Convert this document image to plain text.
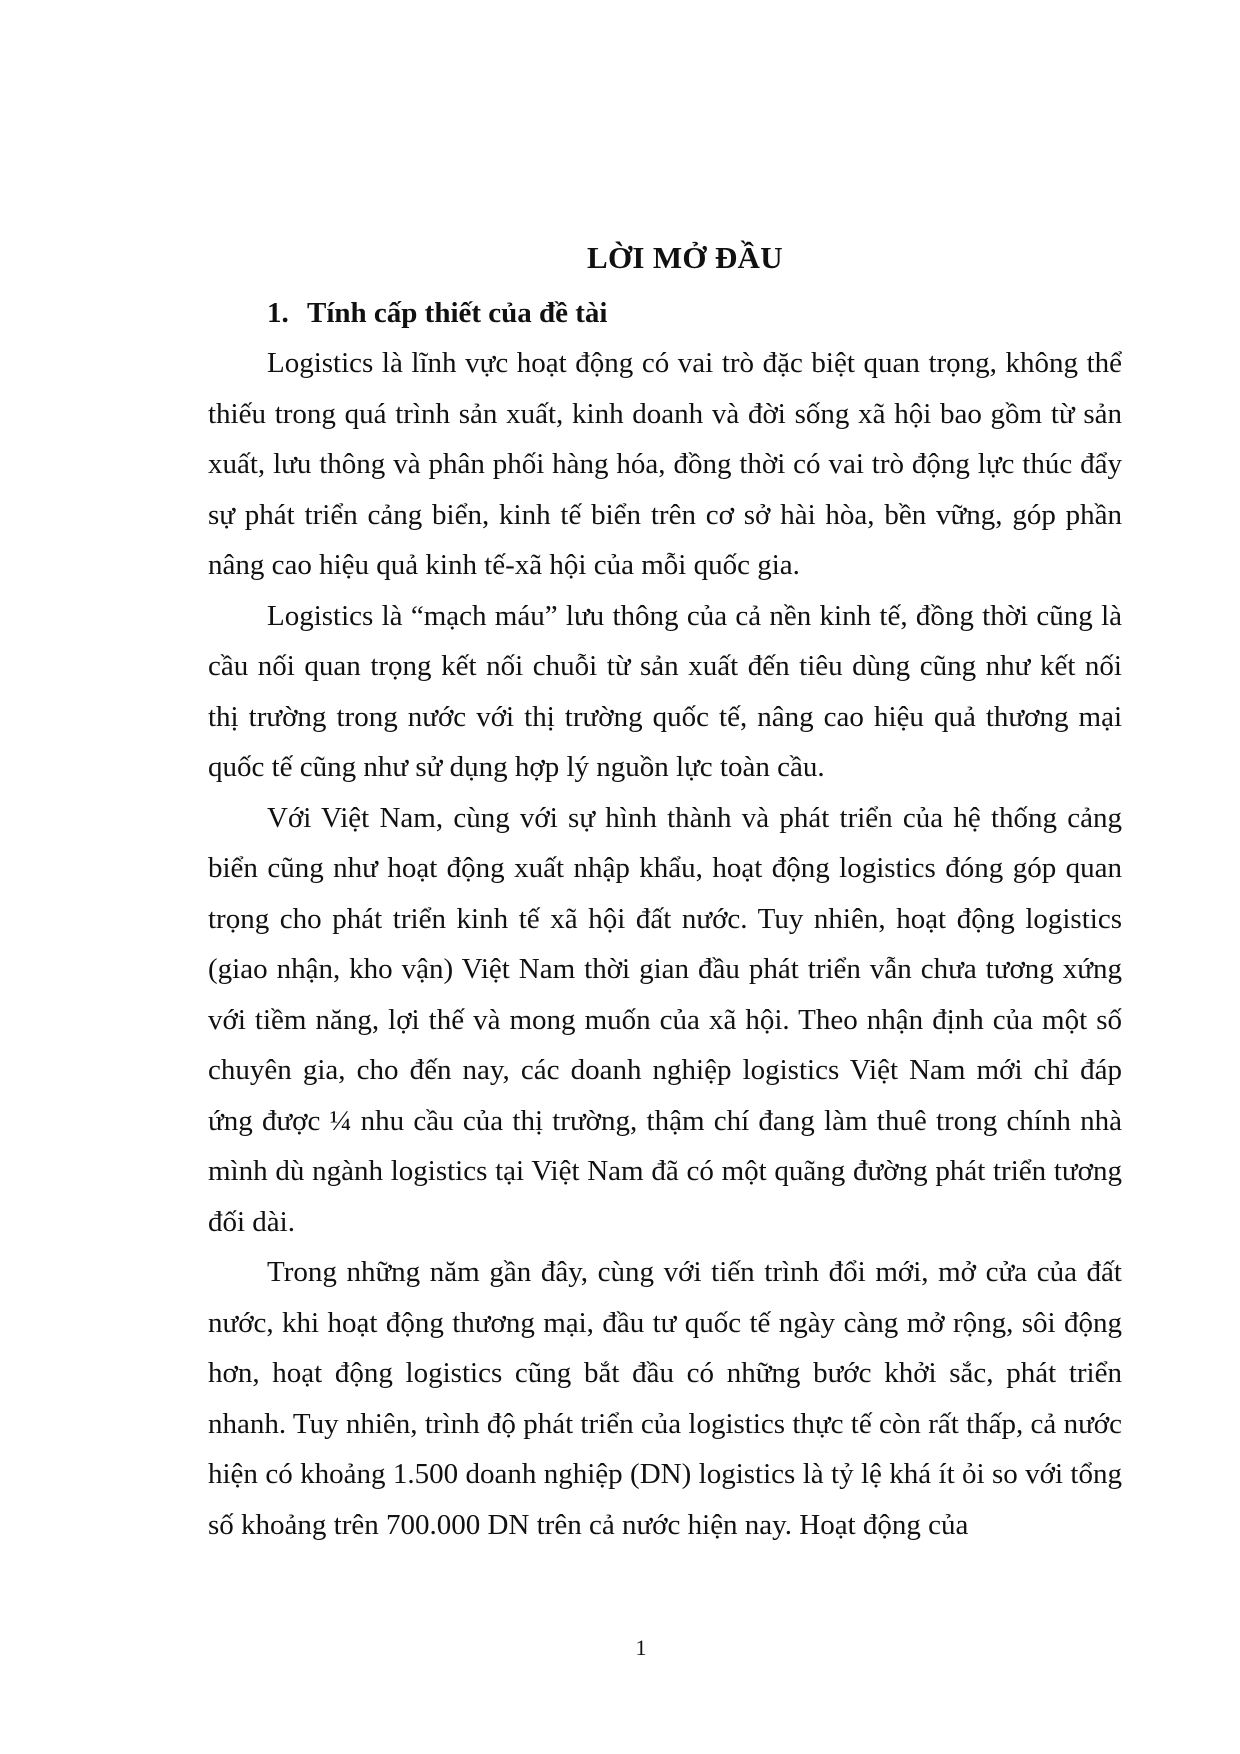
LỜI MỞ ĐẦU
1. Tính cấp thiết của đề tài

Logistics là lĩnh vực hoạt động có vai trò đặc biệt quan trọng, không thể thiếu trong quá trình sản xuất, kinh doanh và đời sống xã hội bao gồm từ sản xuất, lưu thông và phân phối hàng hóa, đồng thời có vai trò động lực thúc đẩy sự phát triển cảng biển, kinh tế biển trên cơ sở hài hòa, bền vững, góp phần nâng cao hiệu quả kinh tế-xã hội của mỗi quốc gia.

Logistics là “mạch máu” lưu thông của cả nền kinh tế, đồng thời cũng là cầu nối quan trọng kết nối chuỗi từ sản xuất đến tiêu dùng cũng như kết nối thị trường trong nước với thị trường quốc tế, nâng cao hiệu quả thương mại quốc tế cũng như sử dụng hợp lý nguồn lực toàn cầu.

Với Việt Nam, cùng với sự hình thành và phát triển của hệ thống cảng biển cũng như hoạt động xuất nhập khẩu, hoạt động logistics đóng góp quan trọng cho phát triển kinh tế xã hội đất nước. Tuy nhiên, hoạt động logistics (giao nhận, kho vận) Việt Nam thời gian đầu phát triển vẫn chưa tương xứng với tiềm năng, lợi thế và mong muốn của xã hội. Theo nhận định của một số chuyên gia, cho đến nay, các doanh nghiệp logistics Việt Nam mới chỉ đáp ứng được ¼ nhu cầu của thị trường, thậm chí đang làm thuê trong chính nhà mình dù ngành logistics tại Việt Nam đã có một quãng đường phát triển tương đối dài.

Trong những năm gần đây, cùng với tiến trình đổi mới, mở cửa của đất nước, khi hoạt động thương mại, đầu tư quốc tế ngày càng mở rộng, sôi động hơn, hoạt động logistics cũng bắt đầu có những bước khởi sắc, phát triển nhanh. Tuy nhiên, trình độ phát triển của logistics thực tế còn rất thấp, cả nước hiện có khoảng 1.500 doanh nghiệp (DN) logistics là tỷ lệ khá ít ỏi so với tổng số khoảng trên 700.000 DN trên cả nước hiện nay. Hoạt động của

1
